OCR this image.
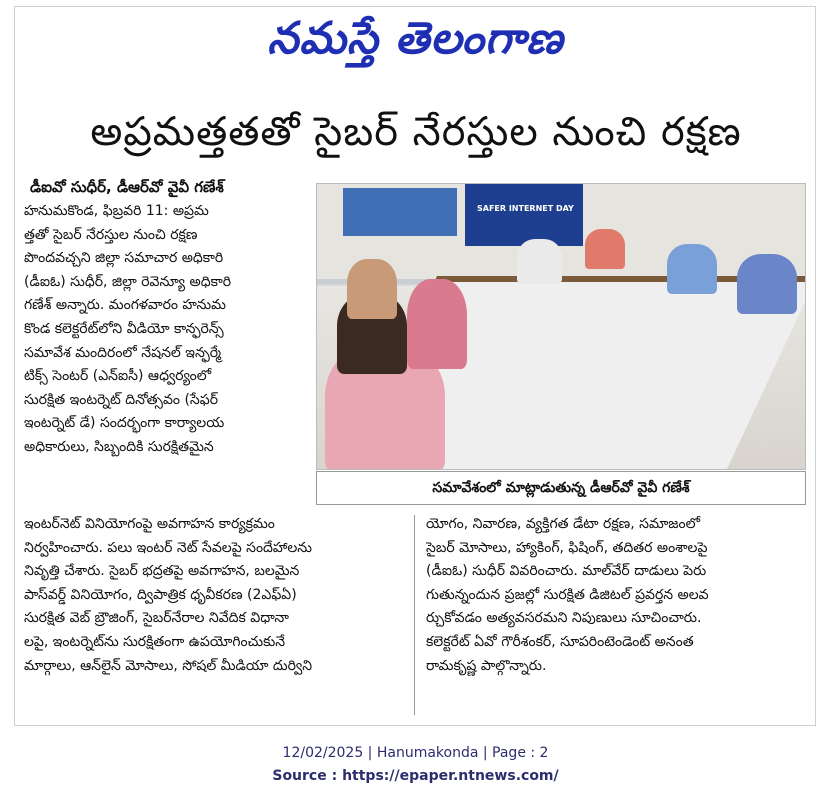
నమస్తే తెలంగాణ
అప్రమత్తతతో సైబర్ నేరస్తుల నుంచి రక్షణ
డీఐవో సుధీర్, డీఆర్‌వో వైవీ గణేశ్

హనుమకొండ, ఫిబ్రవరి 11: అప్రమ

త్తతో సైబర్ నేరస్తుల నుంచి రక్షణ

పొందవచ్చని జిల్లా సమాచార అధికారి

(డీఐఓ) సుధీర్, జిల్లా రెవెన్యూ అధికారి

గణేశ్ అన్నారు. మంగళవారం హనుమ

కొండ కలెక్టరేట్‌లోని వీడియో కాన్ఫరెన్స్

సమావేశ మందిరంలో నేషనల్ ఇన్ఫర్మే

టిక్స్ సెంటర్ (ఎన్ఐసీ) ఆధ్వర్యంలో

సురక్షిత ఇంటర్నెట్ దినోత్సవం (సేఫర్

ఇంటర్నెట్ డే) సందర్భంగా కార్యాలయ

అధికారులు, సిబ్బందికి సురక్షితమైన

SAFER INTERNET DAY
సమావేశంలో మాట్లాడుతున్న డీఆర్‌వో వైవీ గణేశ్

ఇంటర్‌నెట్ వినియోగంపై అవగాహన కార్యక్రమం

నిర్వహించారు. పలు ఇంటర్ నెట్ సేవలపై సందేహాలను

నివృత్తి చేశారు. సైబర్ భద్రతపై అవగాహన, బలమైన

పాస్‌వర్డ్ వినియోగం, ద్విపాత్రిక ధృవీకరణ (2ఎఫ్ఏ)

సురక్షిత వెబ్ బ్రౌజింగ్, సైబర్‌నేరాల నివేదిక విధానా

లపై, ఇంటర్నెట్‌ను సురక్షితంగా ఉపయోగించుకునే

మార్గాలు, ఆన్‌లైన్ మోసాలు, సోషల్ మీడియా దుర్విని

యోగం, నివారణ, వ్యక్తిగత డేటా రక్షణ, సమాజంలో

సైబర్ మోసాలు, హ్యాకింగ్, ఫిషింగ్, తదితర అంశాలపై

(డీఐఓ) సుధీర్ వివరించారు. మాల్‌వేర్ దాడులు పెరు

గుతున్నందున ప్రజల్లో సురక్షిత డిజిటల్ ప్రవర్తన అలవ

ర్చుకోవడం అత్యవసరమని నిపుణులు సూచించారు.

కలెక్టరేట్ ఏవో గౌరీశంకర్, సూపరింటెండెంట్ అనంత

రామకృష్ణ పాల్గొన్నారు.

12/02/2025 | Hanumakonda | Page : 2
Source : https://epaper.ntnews.com/
